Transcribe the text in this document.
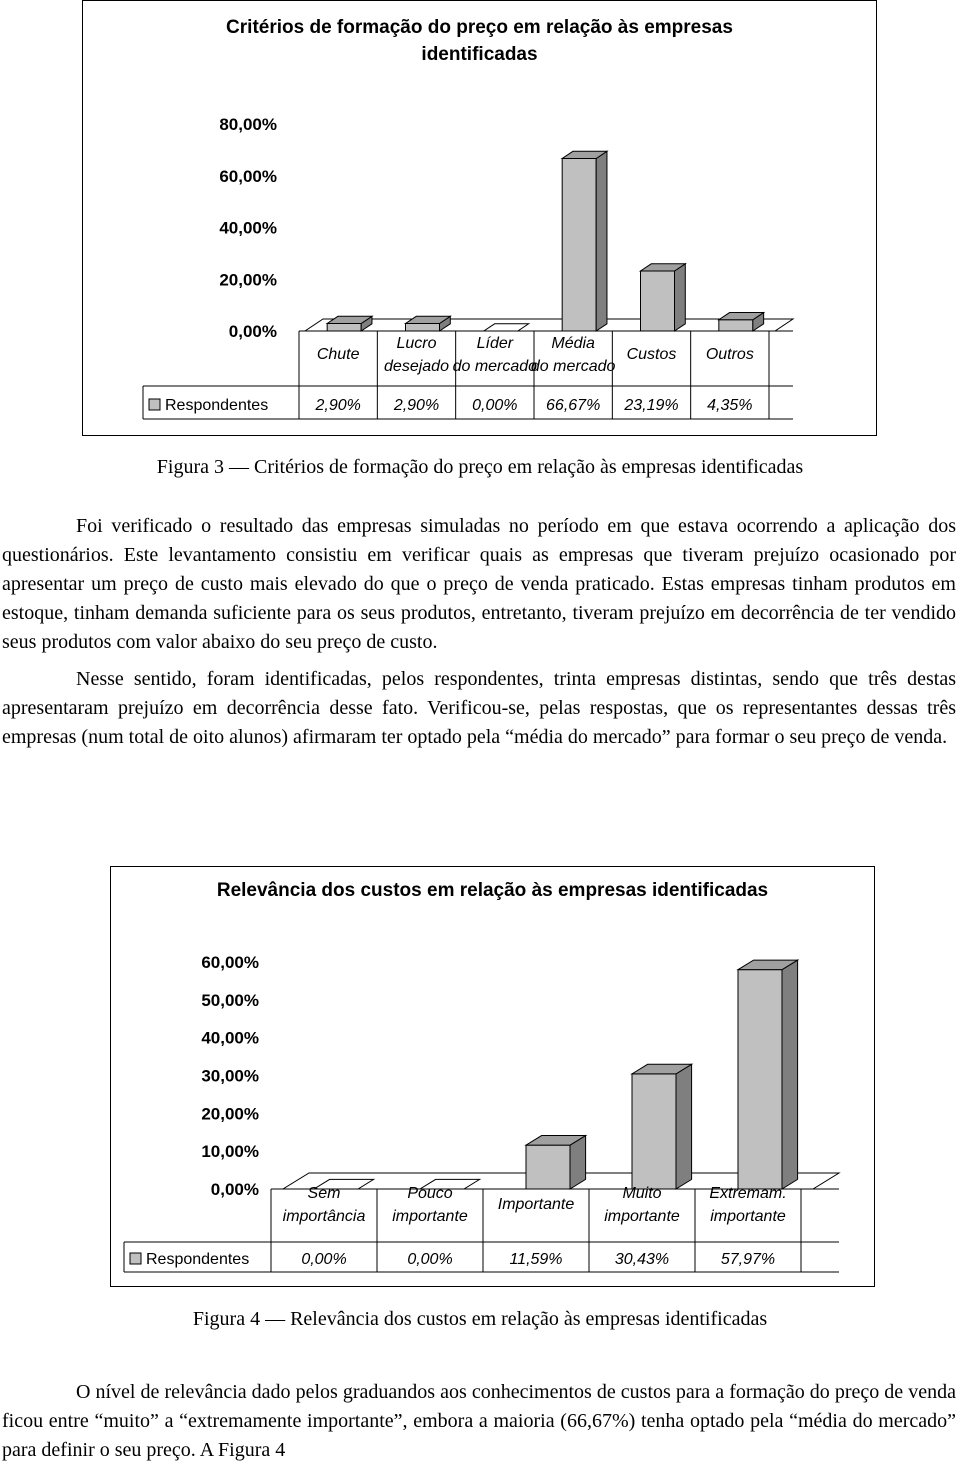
Critérios de formação do preço em relação às empresas identificadas
0,00%
20,00%
40,00%
60,00%
80,00%
Chute
2,90%
Lucro
desejado
2,90%
Líder
do mercado
0,00%
Média
do mercado
66,67%
Custos
23,19%
Outros
4,35%
Respondentes
Figura 3 — Critérios de formação do preço em relação às empresas identificadas

Foi verificado o resultado das empresas simuladas no período em que estava ocorrendo a aplicação dos questionários. Este levantamento consistiu em verificar quais as empresas que tiveram prejuízo ocasionado por apresentar um preço de custo mais elevado do que o preço de venda praticado. Estas empresas tinham produtos em estoque, tinham demanda suficiente para os seus produtos, entretanto, tiveram prejuízo em decorrência de ter vendido seus produtos com valor abaixo do seu preço de custo.

Nesse sentido, foram identificadas, pelos respondentes, trinta empresas distintas, sendo que três destas apresentaram prejuízo em decorrência desse fato. Verificou-se, pelas respostas, que os representantes dessas três empresas (num total de oito alunos) afirmaram ter optado pela “média do mercado” para formar o seu preço de venda.

Relevância dos custos em relação às empresas identificadas
0,00%
10,00%
20,00%
30,00%
40,00%
50,00%
60,00%
Sem
importância
0,00%
Pouco
importante
0,00%
Importante
11,59%
Muito
importante
30,43%
Extremam.
importante
57,97%
Respondentes
Figura 4 — Relevância dos custos em relação às empresas identificadas

O nível de relevância dado pelos graduandos aos conhecimentos de custos para a formação do preço de venda ficou entre “muito” a “extremamente importante”, embora a maioria (66,67%) tenha optado pela “média do mercado” para definir o seu preço. A Figura 4
